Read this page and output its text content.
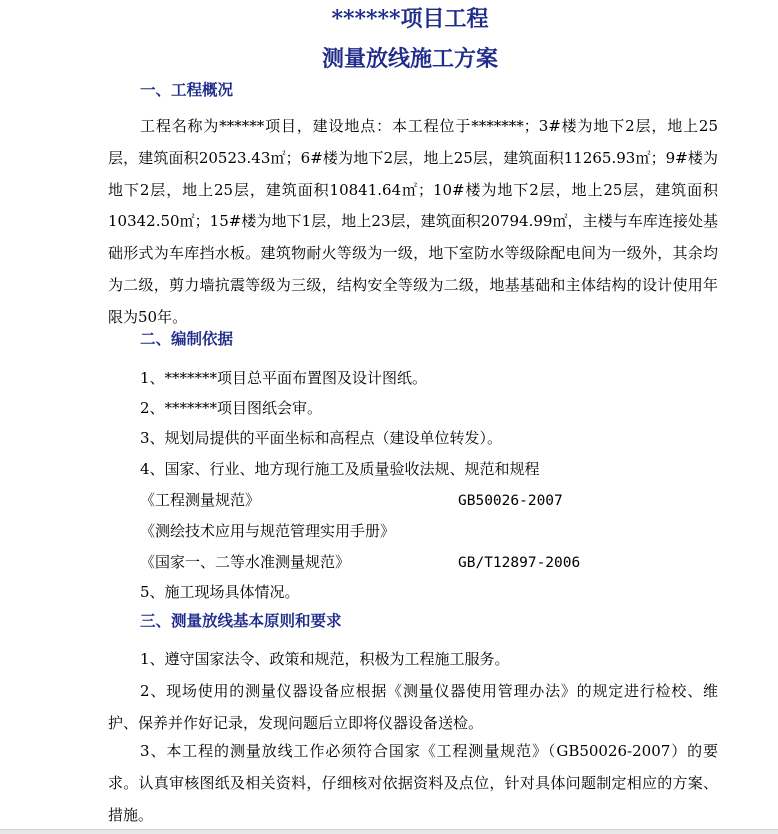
******项目工程
测量放线施工方案
一、工程概况
工程名称为******项目，建设地点：本工程位于*******；3#楼为地下2层，地上25层，建筑面积20523.43㎡；6#楼为地下2层，地上25层，建筑面积11265.93㎡；9#楼为地下2层，地上25层，建筑面积10841.64㎡；10#楼为地下2层，地上25层，建筑面积10342.50㎡；15#楼为地下1层，地上23层，建筑面积20794.99㎡，主楼与车库连接处基础形式为车库挡水板。建筑物耐火等级为一级，地下室防水等级除配电间为一级外，其余均为二级，剪力墙抗震等级为三级，结构安全等级为二级，地基基础和主体结构的设计使用年限为50年。
二、编制依据
1、*******项目总平面布置图及设计图纸。
2、*******项目图纸会审。
3、规划局提供的平面坐标和高程点（建设单位转发）。
4、国家、行业、地方现行施工及质量验收法规、规范和规程
《工程测量规范》	GB50026-2007
《测绘技术应用与规范管理实用手册》
《国家一、二等水准测量规范》	GB/T12897-2006
5、施工现场具体情况。
三、测量放线基本原则和要求
1、遵守国家法令、政策和规范，积极为工程施工服务。
2、现场使用的测量仪器设备应根据《测量仪器使用管理办法》的规定进行检校、维护、保养并作好记录，发现问题后立即将仪器设备送检。
3、本工程的测量放线工作必须符合国家《工程测量规范》（GB50026-2007）的要求。认真审核图纸及相关资料，仔细核对依据资料及点位，针对具体问题制定相应的方案、措施。
